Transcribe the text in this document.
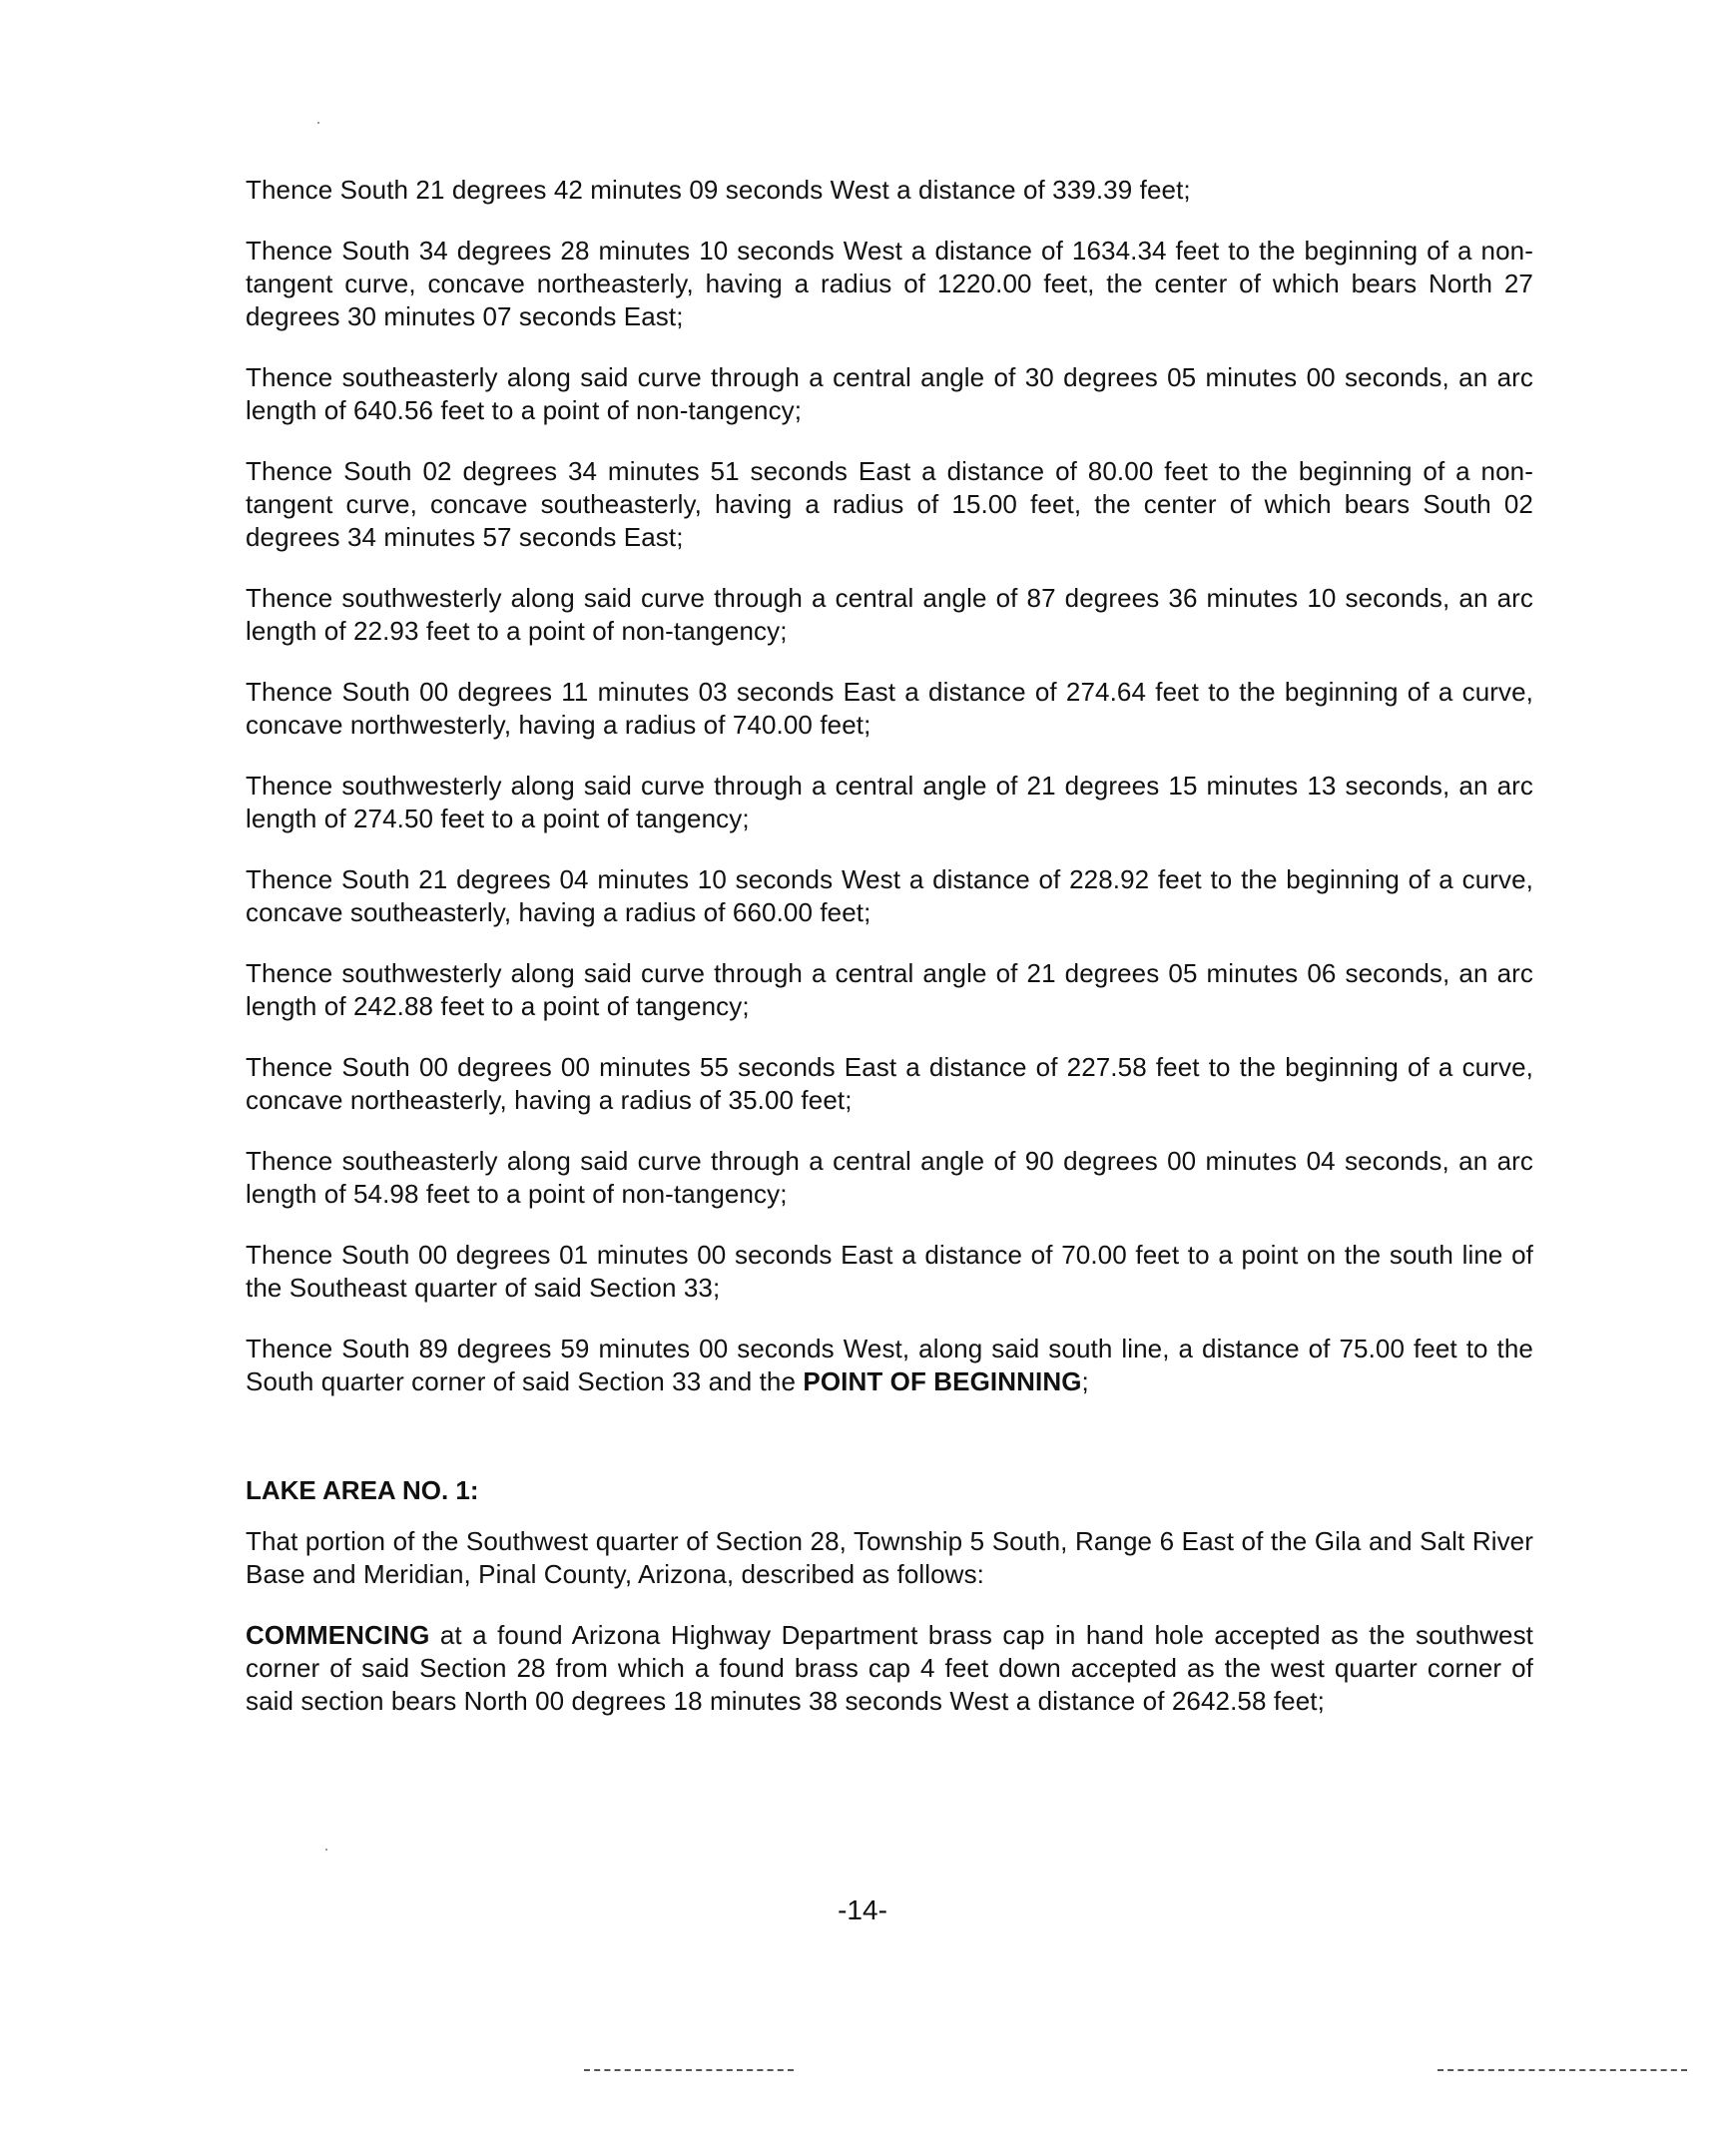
Thence South 21 degrees 42 minutes 09 seconds West a distance of 339.39 feet;

Thence South 34 degrees 28 minutes 10 seconds West a distance of 1634.34 feet to the beginning of a non-tangent curve, concave northeasterly, having a radius of 1220.00 feet, the center of which bears North 27 degrees 30 minutes 07 seconds East;

Thence southeasterly along said curve through a central angle of 30 degrees 05 minutes 00 seconds, an arc length of 640.56 feet to a point of non-tangency;

Thence South 02 degrees 34 minutes 51 seconds East a distance of 80.00 feet to the beginning of a non-tangent curve, concave southeasterly, having a radius of 15.00 feet, the center of which bears South 02 degrees 34 minutes 57 seconds East;

Thence southwesterly along said curve through a central angle of 87 degrees 36 minutes 10 seconds, an arc length of 22.93 feet to a point of non-tangency;

Thence South 00 degrees 11 minutes 03 seconds East a distance of 274.64 feet to the beginning of a curve, concave northwesterly, having a radius of 740.00 feet;

Thence southwesterly along said curve through a central angle of 21 degrees 15 minutes 13 seconds, an arc length of 274.50 feet to a point of tangency;

Thence South 21 degrees 04 minutes 10 seconds West a distance of 228.92 feet to the beginning of a curve, concave southeasterly, having a radius of 660.00 feet;

Thence southwesterly along said curve through a central angle of 21 degrees 05 minutes 06 seconds, an arc length of 242.88 feet to a point of tangency;

Thence South 00 degrees 00 minutes 55 seconds East a distance of 227.58 feet to the beginning of a curve, concave northeasterly, having a radius of 35.00 feet;

Thence southeasterly along said curve through a central angle of 90 degrees 00 minutes 04 seconds, an arc length of 54.98 feet to a point of non-tangency;

Thence South 00 degrees 01 minutes 00 seconds East a distance of 70.00 feet to a point on the south line of the Southeast quarter of said Section 33;

Thence South 89 degrees 59 minutes 00 seconds West, along said south line, a distance of 75.00 feet to the South quarter corner of said Section 33 and the POINT OF BEGINNING;

LAKE AREA NO. 1:

That portion of the Southwest quarter of Section 28, Township 5 South, Range 6 East of the Gila and Salt River Base and Meridian, Pinal County, Arizona, described as follows:

COMMENCING at a found Arizona Highway Department brass cap in hand hole accepted as the southwest corner of said Section 28 from which a found brass cap 4 feet down accepted as the west quarter corner of said section bears North 00 degrees 18 minutes 38 seconds West a distance of 2642.58 feet;

-14-
